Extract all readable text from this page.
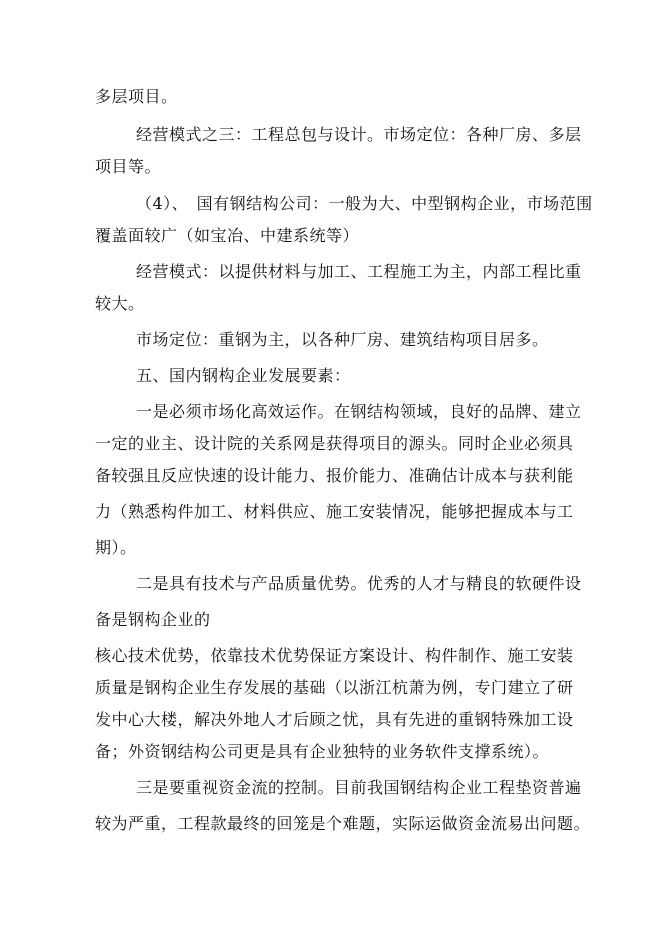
多层项目。
经营模式之三：工程总包与设计。市场定位：各种厂房、多层
项目等。
（4）、　国有钢结构公司：一般为大、中型钢构企业，市场范围
覆盖面较广（如宝冶、中建系统等）
经营模式：以提供材料与加工、工程施工为主，内部工程比重
较大。
市场定位：重钢为主，以各种厂房、建筑结构项目居多。
五、国内钢构企业发展要素：
一是必须市场化高效运作。在钢结构领域，良好的品牌、建立
一定的业主、设计院的关系网是获得项目的源头。同时企业必须具
备较强且反应快速的设计能力、报价能力、准确估计成本与获利能
力（熟悉构件加工、材料供应、施工安装情况，能够把握成本与工
期）。
二是具有技术与产品质量优势。优秀的人才与精良的软硬件设
备是钢构企业的
核心技术优势，依靠技术优势保证方案设计、构件制作、施工安装
质量是钢构企业生存发展的基础（以浙江杭萧为例，专门建立了研
发中心大楼，解决外地人才后顾之忧，具有先进的重钢特殊加工设
备；外资钢结构公司更是具有企业独特的业务软件支撑系统）。
三是要重视资金流的控制。目前我国钢结构企业工程垫资普遍
较为严重，工程款最终的回笼是个难题，实际运做资金流易出问题。
